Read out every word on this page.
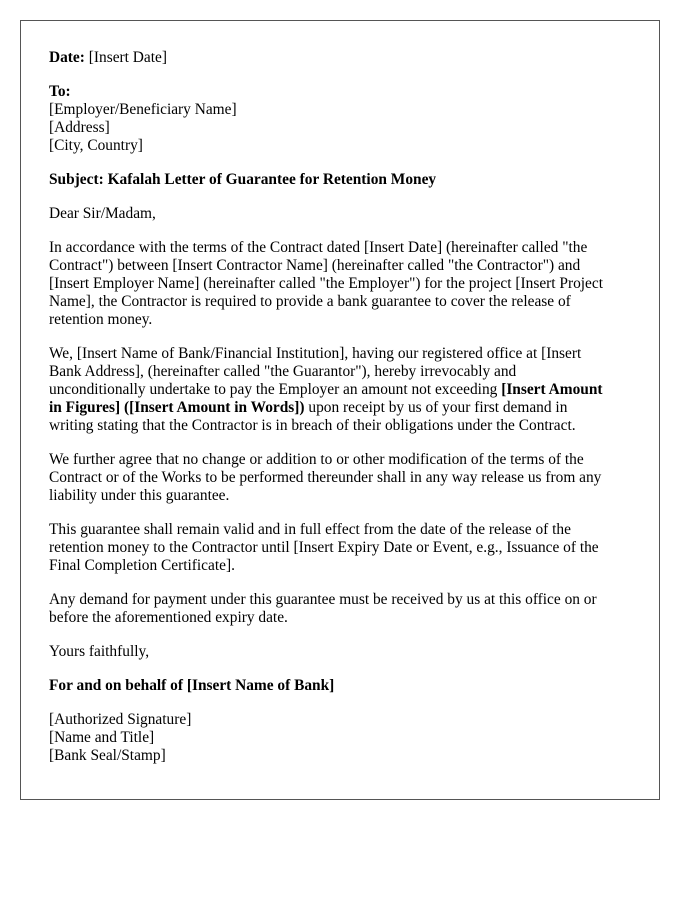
Date: [Insert Date]
To:
[Employer/Beneficiary Name]
[Address]
[City, Country]
Subject: Kafalah Letter of Guarantee for Retention Money
Dear Sir/Madam,
In accordance with the terms of the Contract dated [Insert Date] (hereinafter called "the
Contract") between [Insert Contractor Name] (hereinafter called "the Contractor") and
[Insert Employer Name] (hereinafter called "the Employer") for the project [Insert Project
Name], the Contractor is required to provide a bank guarantee to cover the release of
retention money.
We, [Insert Name of Bank/Financial Institution], having our registered office at [Insert
Bank Address], (hereinafter called "the Guarantor"), hereby irrevocably and
unconditionally undertake to pay the Employer an amount not exceeding [Insert Amount
in Figures] ([Insert Amount in Words]) upon receipt by us of your first demand in
writing stating that the Contractor is in breach of their obligations under the Contract.
We further agree that no change or addition to or other modification of the terms of the
Contract or of the Works to be performed thereunder shall in any way release us from any
liability under this guarantee.
This guarantee shall remain valid and in full effect from the date of the release of the
retention money to the Contractor until [Insert Expiry Date or Event, e.g., Issuance of the
Final Completion Certificate].
Any demand for payment under this guarantee must be received by us at this office on or
before the aforementioned expiry date.
Yours faithfully,
For and on behalf of [Insert Name of Bank]
[Authorized Signature]
[Name and Title]
[Bank Seal/Stamp]
